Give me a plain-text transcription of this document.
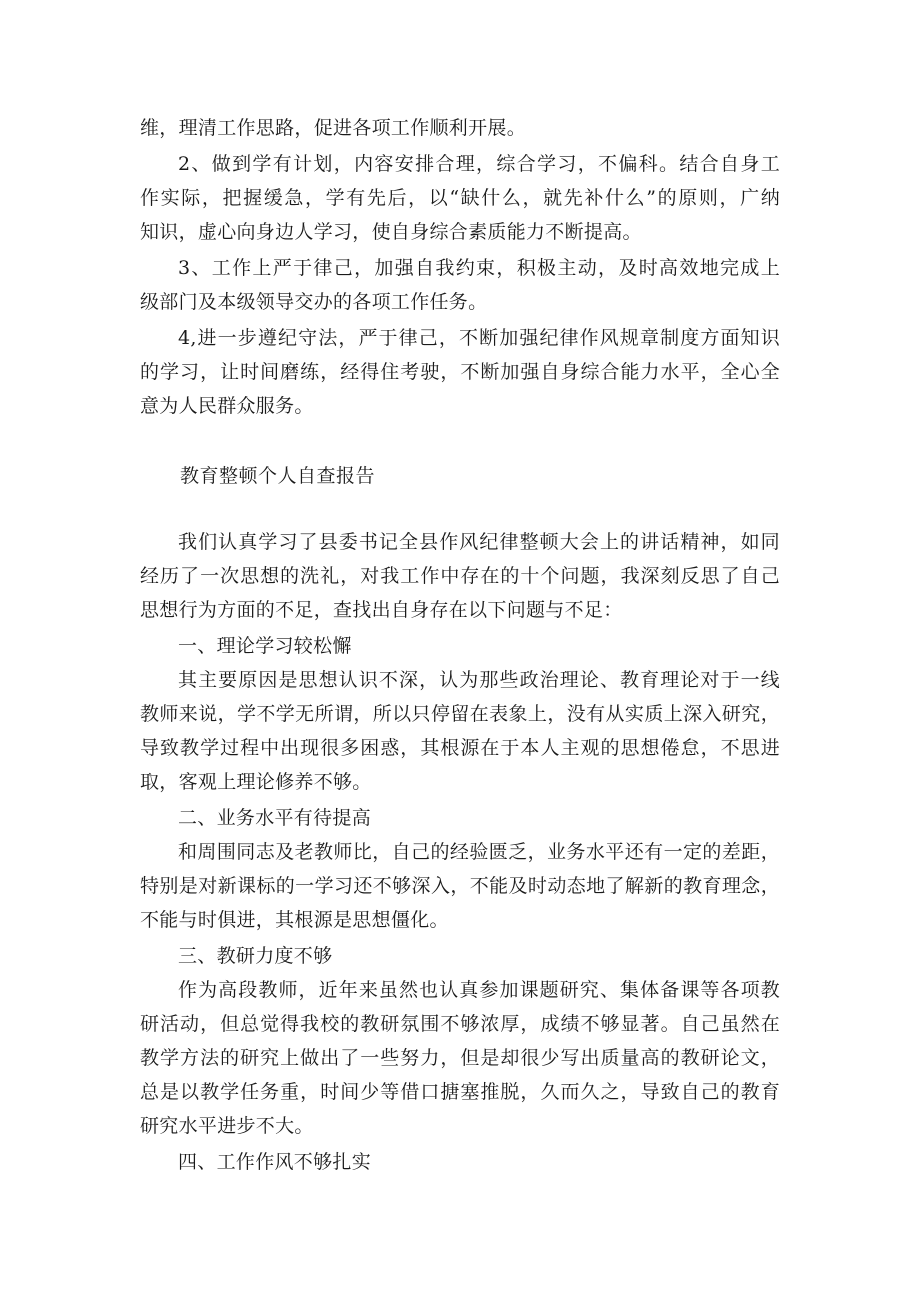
维，理清工作思路，促进各项工作顺利开展。
2、做到学有计划，内容安排合理，综合学习，不偏科。结合自身工
作实际，把握缓急，学有先后，以“缺什么，就先补什么”的原则，广纳
知识，虚心向身边人学习，使自身综合素质能力不断提高。
3、工作上严于律己，加强自我约束，积极主动，及时高效地完成上
级部门及本级领导交办的各项工作任务。
4,进一步遵纪守法，严于律己，不断加强纪律作风规章制度方面知识
的学习，让时间磨练，经得住考驶，不断加强自身综合能力水平，全心全
意为人民群众服务。
教育整顿个人自查报告
我们认真学习了县委书记全县作风纪律整顿大会上的讲话精神，如同
经历了一次思想的洗礼，对我工作中存在的十个问题，我深刻反思了自己
思想行为方面的不足，查找出自身存在以下问题与不足：
一、理论学习较松懈
其主要原因是思想认识不深，认为那些政治理论、教育理论对于一线
教师来说，学不学无所谓，所以只停留在表象上，没有从实质上深入研究，
导致教学过程中出现很多困惑，其根源在于本人主观的思想倦怠，不思进
取，客观上理论修养不够。
二、业务水平有待提高
和周围同志及老教师比，自己的经验匮乏，业务水平还有一定的差距，
特别是对新课标的一学习还不够深入，不能及时动态地了解新的教育理念，
不能与时俱进，其根源是思想僵化。
三、教研力度不够
作为高段教师，近年来虽然也认真参加课题研究、集体备课等各项教
研活动，但总觉得我校的教研氛围不够浓厚，成绩不够显著。自己虽然在
教学方法的研究上做出了一些努力，但是却很少写出质量高的教研论文，
总是以教学任务重，时间少等借口搪塞推脱，久而久之，导致自己的教育
研究水平进步不大。
四、工作作风不够扎实
